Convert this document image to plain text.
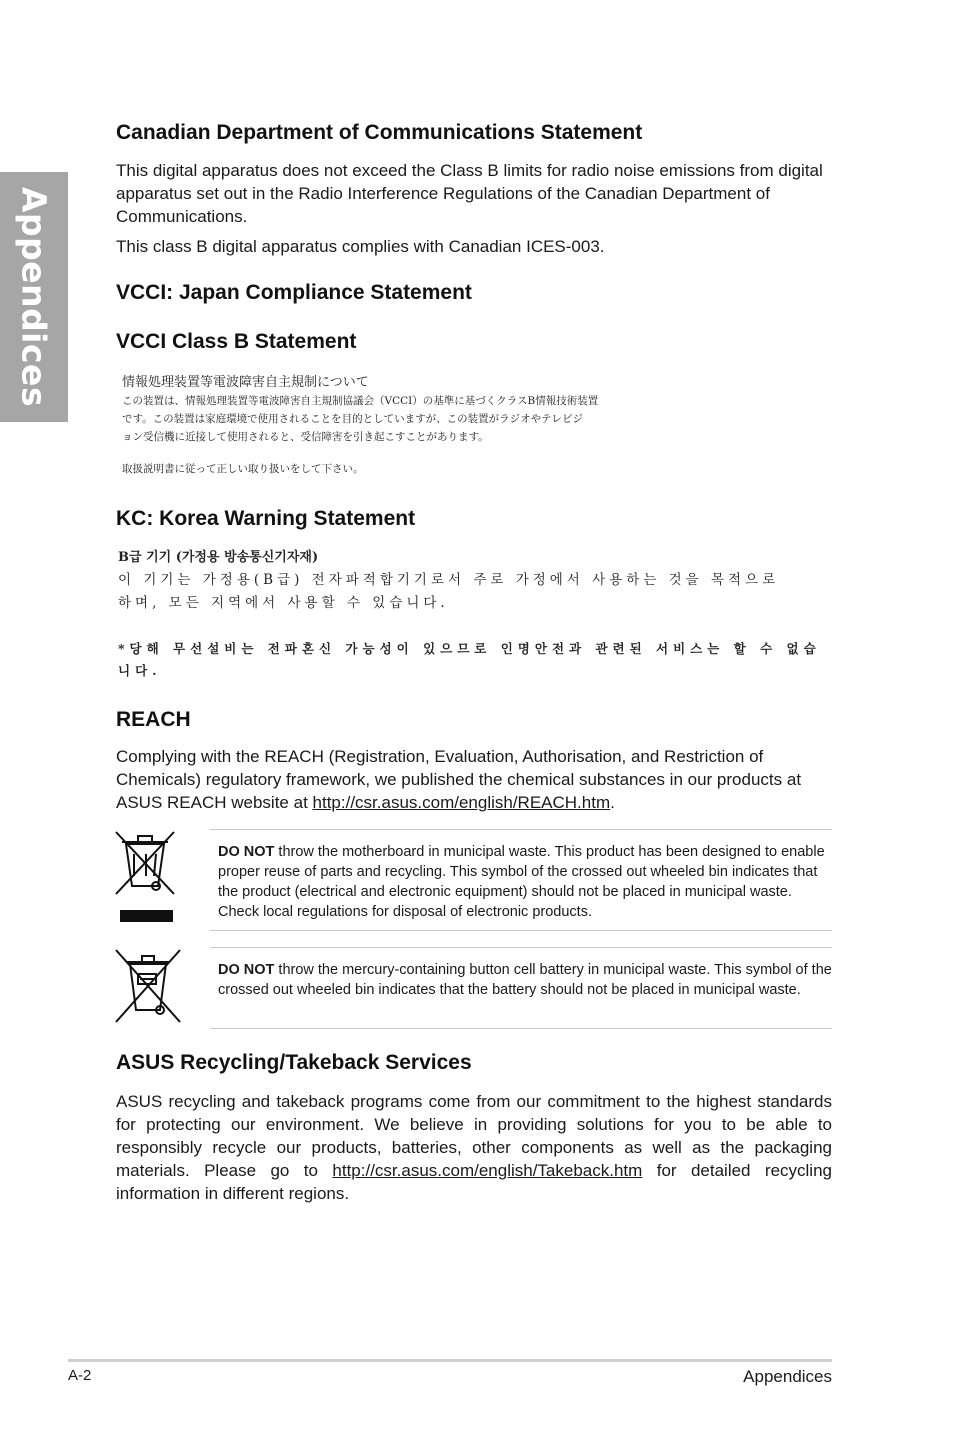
Appendices
Canadian Department of Communications Statement

This digital apparatus does not exceed the Class B limits for radio noise emissions from digital apparatus set out in the Radio Interference Regulations of the Canadian Department of Communications.

This class B digital apparatus complies with Canadian ICES-003.

VCCI: Japan Compliance Statement
VCCI Class B Statement
情報処理装置等電波障害自主規制について
この装置は、情報処理装置等電波障害自主規制協議会（VCCI）の基準に基づくクラスB情報技術装置
です。この装置は家庭環境で使用されることを目的としていますが、この装置がラジオやテレビジ
ョン受信機に近接して使用されると、受信障害を引き起こすことがあります。
取扱説明書に従って正しい取り扱いをして下さい。
KC: Korea Warning Statement
B급 기기 (가정용 방송통신기자재)
이 기기는 가정용(B급) 전자파적합기기로서 주로 가정에서 사용하는 것을 목적으로
하며, 모든 지역에서 사용할 수 있습니다.
*당해 무선설비는 전파혼신 가능성이 있으므로 인명안전과 관련된 서비스는 할 수 없습니다.
REACH

Complying with the REACH (Registration, Evaluation, Authorisation, and Restriction of Chemicals) regulatory framework, we published the chemical substances in our products at ASUS REACH website at http://csr.asus.com/english/REACH.htm.

DO NOT throw the motherboard in municipal waste. This product has been designed to enable proper reuse of parts and recycling. This symbol of the crossed out wheeled bin indicates that the product (electrical and electronic equipment) should not be placed in municipal waste. Check local regulations for disposal of electronic products.
DO NOT throw the mercury-containing button cell battery in municipal waste. This symbol of the crossed out wheeled bin indicates that the battery should not be placed in municipal waste.
ASUS Recycling/Takeback Services

ASUS recycling and takeback programs come from our commitment to the highest standards for protecting our environment. We believe in providing solutions for you to be able to responsibly recycle our products, batteries, other components as well as the packaging materials. Please go to http://csr.asus.com/english/Takeback.htm for detailed recycling information in different regions.

A-2	Appendices
